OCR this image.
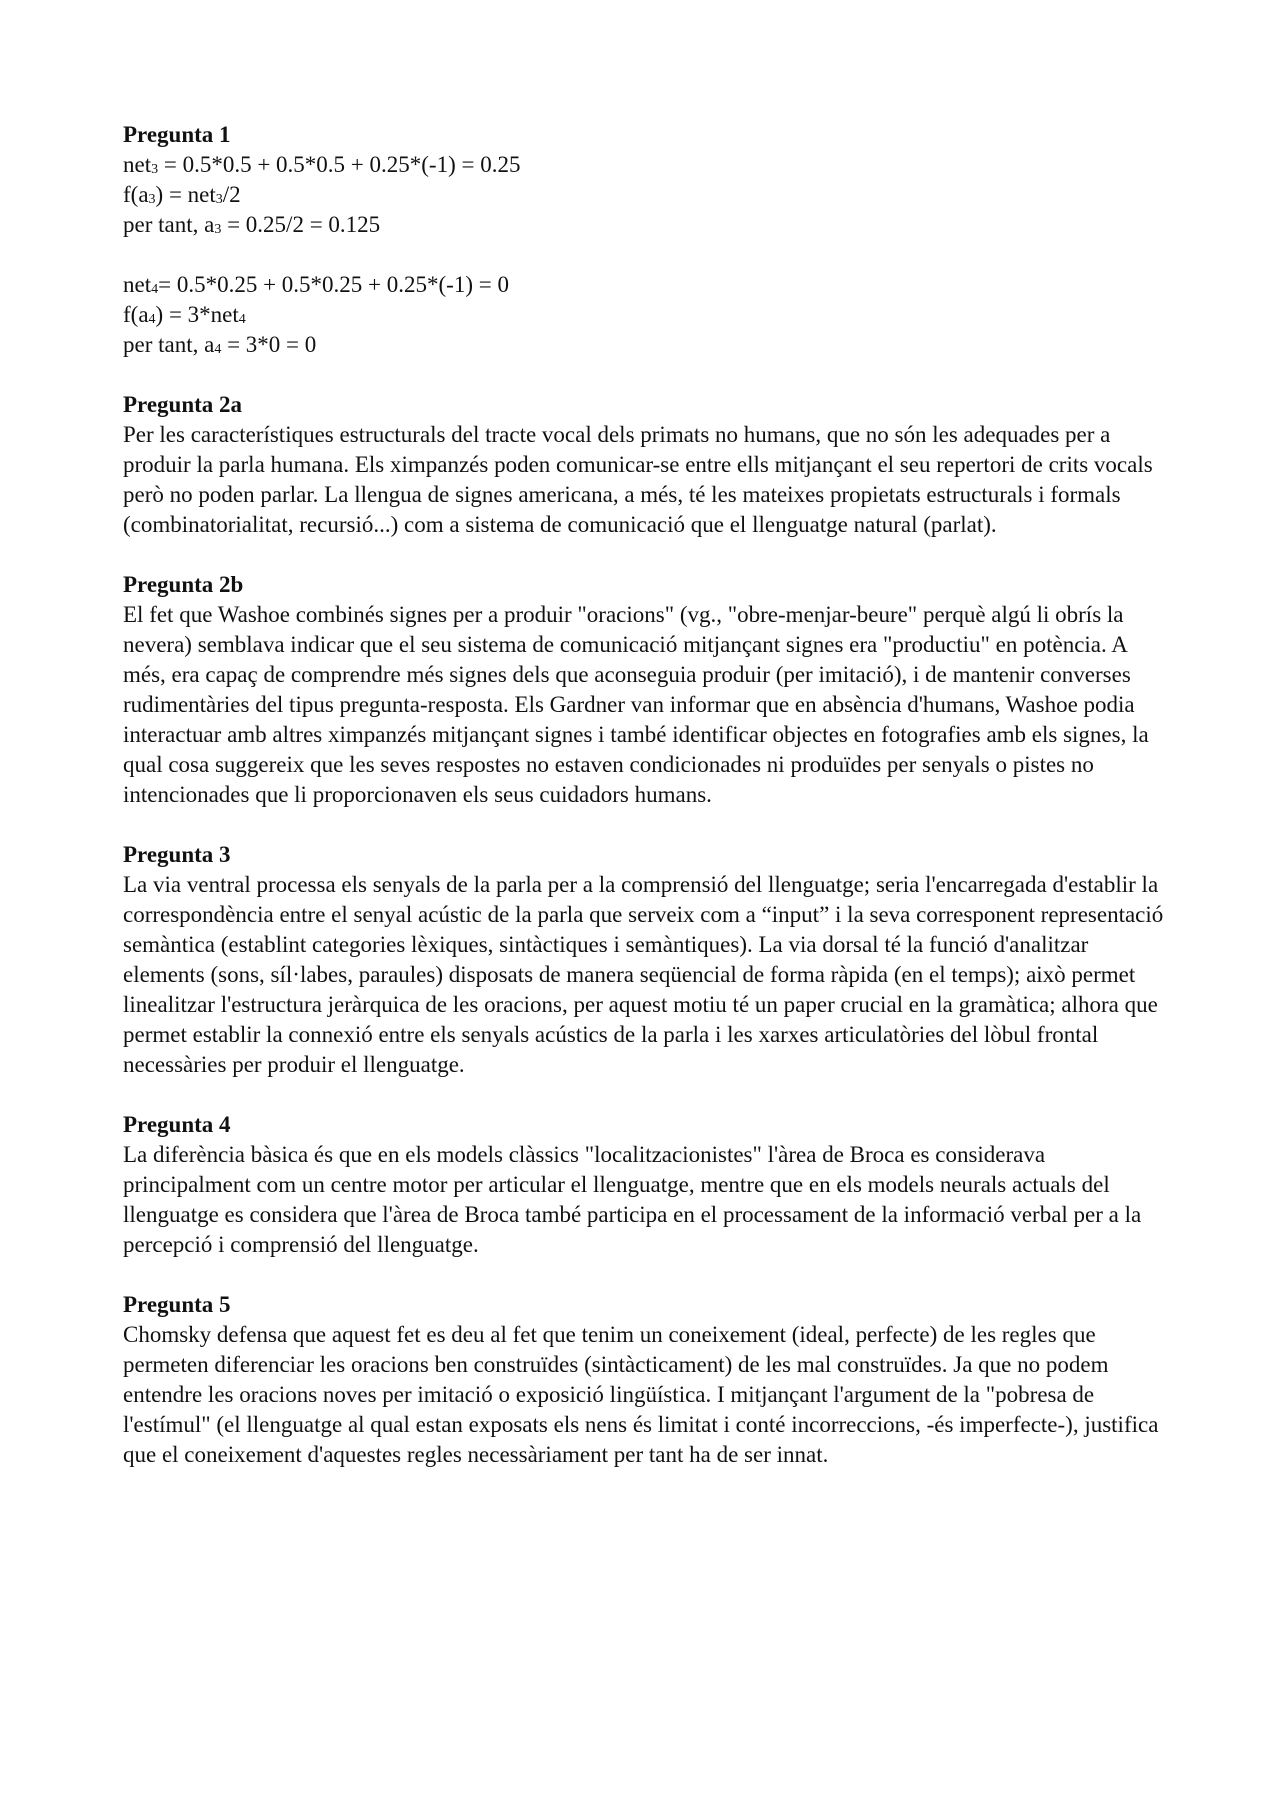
Pregunta 1
net$_3$ = 0.5*0.5 + 0.5*0.5 + 0.25*(-1) = 0.25
$f(a_3) = net_3/2$
per tant, $a_3 = 0.25/2 = 0.125$
net$_4$= 0.5*0.25 + 0.5*0.25 + 0.25*(-1) = 0
$f(a_4) = 3*net_4$
per tant, $a_4 = 3*0 = 0$
Pregunta 2a
Per les característiques estructurals del tracte vocal dels primats no humans, que no són les adequades per a produir la parla humana. Els ximpanzés poden comunicar-se entre ells mitjançant el seu repertori de crits vocals però no poden parlar. La llengua de signes americana, a més, té les mateixes propietats estructurals i formals (combinatorialitat, recursió...) com a sistema de comunicació que el llenguatge natural (parlat).
Pregunta 2b
El fet que Washoe combinés signes per a produir "oracions" (vg., "obre-menjar-beure" perquè algú li obrís la nevera) semblava indicar que el seu sistema de comunicació mitjançant signes era "productiu" en potència. A més, era capaç de comprendre més signes dels que aconseguia produir (per imitació), i de mantenir converses rudimentàries del tipus pregunta-resposta. Els Gardner van informar que en absència d'humans, Washoe podia interactuar amb altres ximpanzés mitjançant signes i també identificar objectes en fotografies amb els signes, la qual cosa suggereix que les seves respostes no estaven condicionades ni produïdes per senyals o pistes no intencionades que li proporcionaven els seus cuidadors humans.
Pregunta 3
La via ventral processa els senyals de la parla per a la comprensió del llenguatge; seria l'encarregada d'establir la correspondència entre el senyal acústic de la parla que serveix com a “input” i la seva corresponent representació semàntica (establint categories lèxiques, sintàctiques i semàntiques). La via dorsal té la funció d'analitzar elements (sons, síl·labes, paraules) disposats de manera seqüencial de forma ràpida (en el temps); això permet linealitzar l'estructura jeràrquica de les oracions, per aquest motiu té un paper crucial en la gramàtica; alhora que permet establir la connexió entre els senyals acústics de la parla i les xarxes articulatòries del lòbul frontal necessàries per produir el llenguatge.
Pregunta 4
La diferència bàsica és que en els models clàssics "localitzacionistes" l'àrea de Broca es considerava principalment com un centre motor per articular el llenguatge, mentre que en els models neurals actuals del llenguatge es considera que l'àrea de Broca també participa en el processament de la informació verbal per a la percepció i comprensió del llenguatge.
Pregunta 5
Chomsky defensa que aquest fet es deu al fet que tenim un coneixement (ideal, perfecte) de les regles que permeten diferenciar les oracions ben construïdes (sintàcticament) de les mal construïdes. Ja que no podem entendre les oracions noves per imitació o exposició lingüística. I mitjançant l'argument de la "pobresa de l'estímul" (el llenguatge al qual estan exposats els nens és limitat i conté incorreccions, -és imperfecte-), justifica que el coneixement d'aquestes regles necessàriament per tant ha de ser innat.
